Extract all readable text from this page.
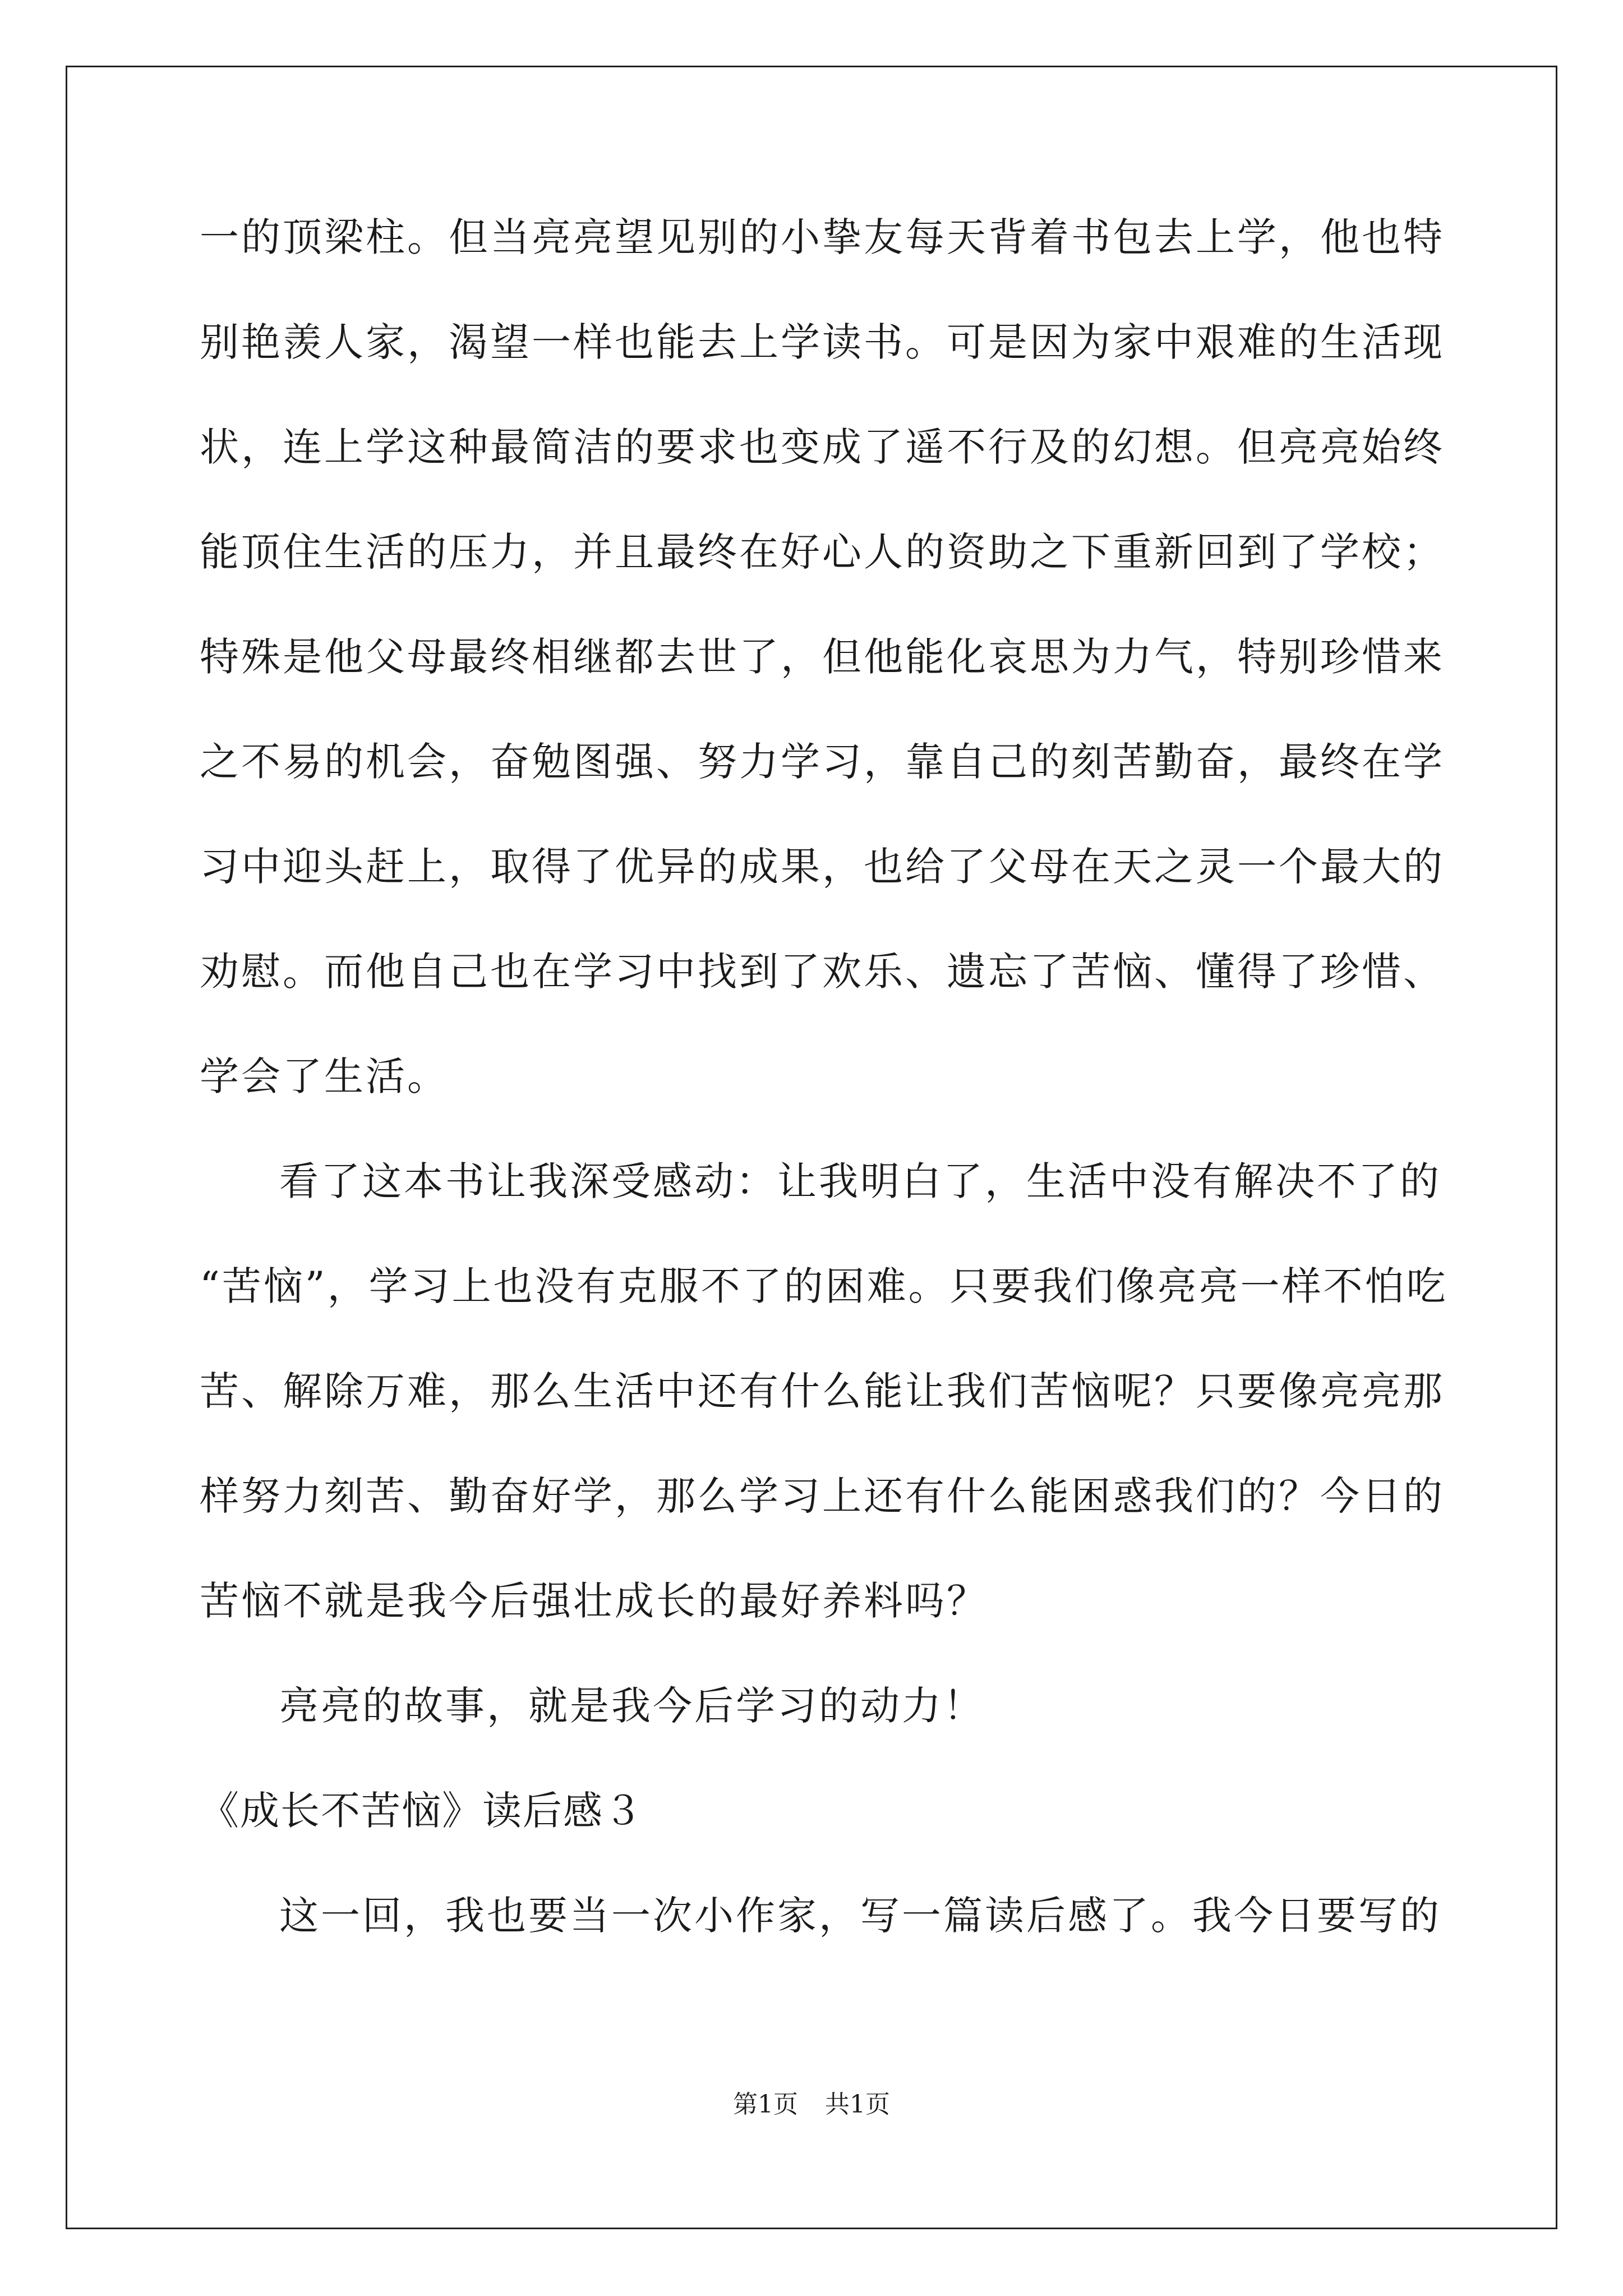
一的顶梁柱。但当亮亮望见别的小挚友每天背着书包去上学，他也特
别艳羡人家，渴望一样也能去上学读书。可是因为家中艰难的生活现
状，连上学这种最简洁的要求也变成了遥不行及的幻想。但亮亮始终
能顶住生活的压力，并且最终在好心人的资助之下重新回到了学校；
特殊是他父母最终相继都去世了，但他能化哀思为力气，特别珍惜来
之不易的机会，奋勉图强、努力学习，靠自己的刻苦勤奋，最终在学
习中迎头赶上，取得了优异的成果，也给了父母在天之灵一个最大的
劝慰。而他自己也在学习中找到了欢乐、遗忘了苦恼、懂得了珍惜、
学会了生活。
看了这本书让我深受感动：让我明白了，生活中没有解决不了的
“苦恼”，学习上也没有克服不了的困难。只要我们像亮亮一样不怕吃
苦、解除万难，那么生活中还有什么能让我们苦恼呢？只要像亮亮那
样努力刻苦、勤奋好学，那么学习上还有什么能困惑我们的？今日的
苦恼不就是我今后强壮成长的最好养料吗？
亮亮的故事，就是我今后学习的动力！
《成长不苦恼》读后感３
这一回，我也要当一次小作家，写一篇读后感了。我今日要写的
第1页 共1页
